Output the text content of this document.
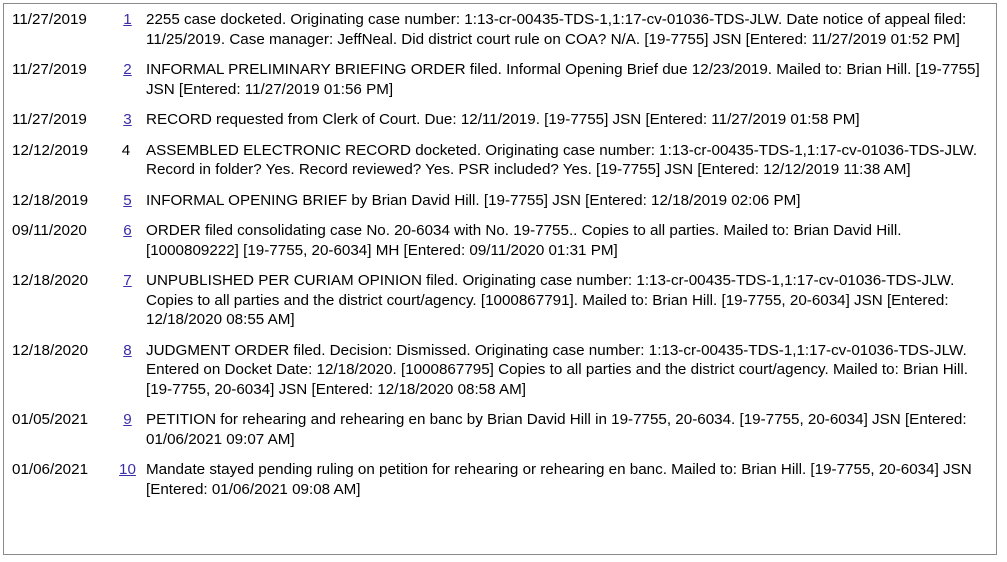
11/27/2019	1	2255 case docketed. Originating case number: 1:13-cr-00435-TDS-1,1:17-cv-01036-TDS-JLW. Date notice of appeal filed: 11/25/2019. Case manager: JeffNeal. Did district court rule on COA? N/A. [19-7755] JSN [Entered: 11/27/2019 01:52 PM]

11/27/2019	2	INFORMAL PRELIMINARY BRIEFING ORDER filed. Informal Opening Brief due 12/23/2019. Mailed to: Brian Hill. [19-7755] JSN [Entered: 11/27/2019 01:56 PM]

11/27/2019	3	RECORD requested from Clerk of Court. Due: 12/11/2019. [19-7755] JSN [Entered: 11/27/2019 01:58 PM]

12/12/2019	4	ASSEMBLED ELECTRONIC RECORD docketed. Originating case number: 1:13-cr-00435-TDS-1,1:17-cv-01036-TDS-JLW. Record in folder? Yes. Record reviewed? Yes. PSR included? Yes. [19-7755] JSN [Entered: 12/12/2019 11:38 AM]

12/18/2019	5	INFORMAL OPENING BRIEF by Brian David Hill. [19-7755] JSN [Entered: 12/18/2019 02:06 PM]

09/11/2020	6	ORDER filed consolidating case No. 20-6034 with No. 19-7755.. Copies to all parties. Mailed to: Brian David Hill. [1000809222] [19-7755, 20-6034] MH [Entered: 09/11/2020 01:31 PM]

12/18/2020	7	UNPUBLISHED PER CURIAM OPINION filed. Originating case number: 1:13-cr-00435-TDS-1,1:17-cv-01036-TDS-JLW. Copies to all parties and the district court/agency. [1000867791]. Mailed to: Brian Hill. [19-7755, 20-6034] JSN [Entered: 12/18/2020 08:55 AM]

12/18/2020	8	JUDGMENT ORDER filed. Decision: Dismissed. Originating case number: 1:13-cr-00435-TDS-1,1:17-cv-01036-TDS-JLW. Entered on Docket Date: 12/18/2020. [1000867795] Copies to all parties and the district court/agency. Mailed to: Brian Hill. [19-7755, 20-6034] JSN [Entered: 12/18/2020 08:58 AM]

01/05/2021	9	PETITION for rehearing and rehearing en banc by Brian David Hill in 19-7755, 20-6034. [19-7755, 20-6034] JSN [Entered: 01/06/2021 09:07 AM]

01/06/2021	10	Mandate stayed pending ruling on petition for rehearing or rehearing en banc. Mailed to: Brian Hill. [19-7755, 20-6034] JSN [Entered: 01/06/2021 09:08 AM]
